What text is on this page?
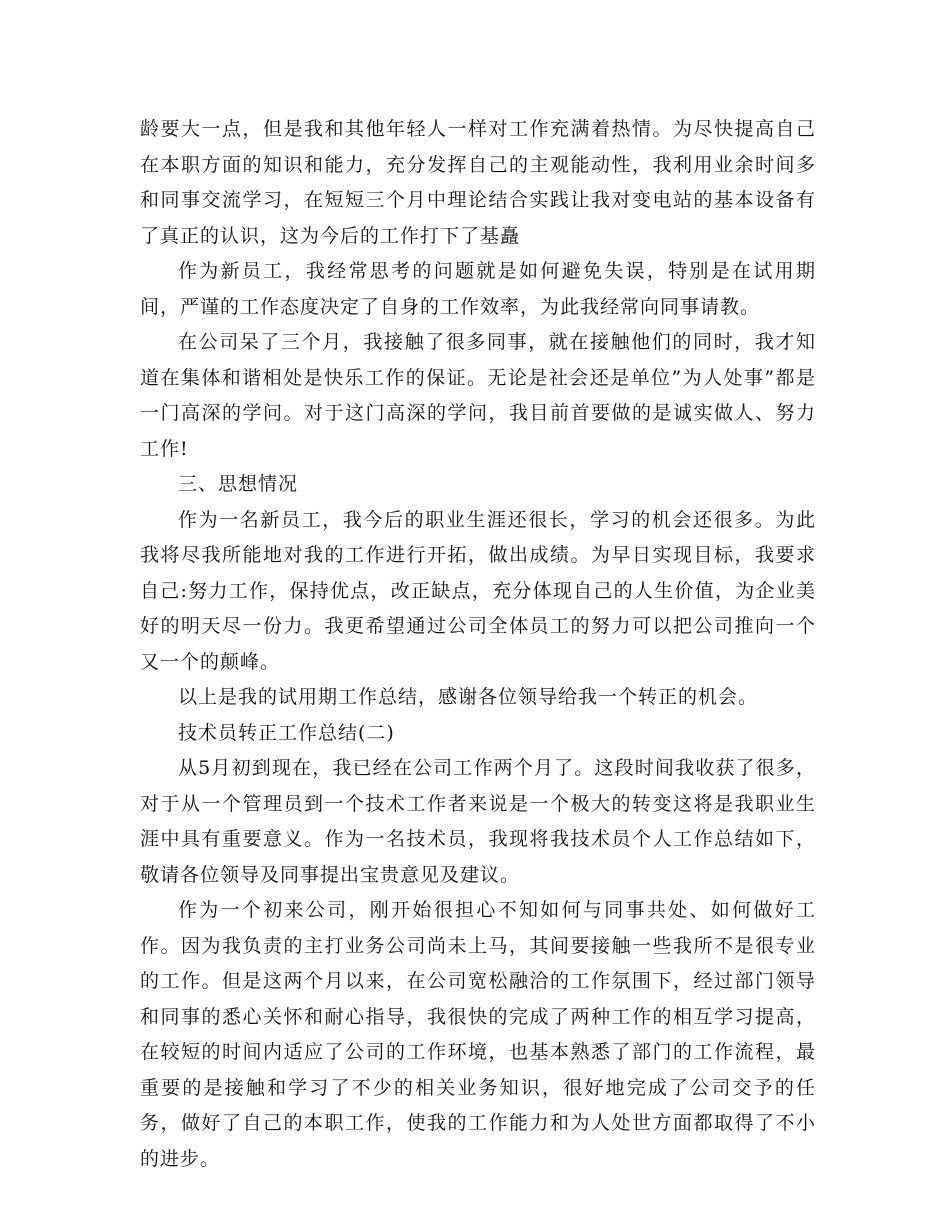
龄要大一点，但是我和其他年轻人一样对工作充满着热情。为尽快提高自己在本职方面的知识和能力，充分发挥自己的主观能动性，我利用业余时间多和同事交流学习，在短短三个月中理论结合实践让我对变电站的基本设备有了真正的认识，这为今后的工作打下了基矗

作为新员工，我经常思考的问题就是如何避免失误，特别是在试用期间，严谨的工作态度决定了自身的工作效率，为此我经常向同事请教。

在公司呆了三个月，我接触了很多同事，就在接触他们的同时，我才知道在集体和谐相处是快乐工作的保证。无论是社会还是单位”为人处事”都是一门高深的学问。对于这门高深的学问，我目前首要做的是诚实做人、努力工作!

三、思想情况

作为一名新员工，我今后的职业生涯还很长，学习的机会还很多。为此我将尽我所能地对我的工作进行开拓，做出成绩。为早日实现目标，我要求自己:努力工作，保持优点，改正缺点，充分体现自己的人生价值，为企业美好的明天尽一份力。我更希望通过公司全体员工的努力可以把公司推向一个又一个的颠峰。

以上是我的试用期工作总结，感谢各位领导给我一个转正的机会。

技术员转正工作总结(二)

从5月初到现在，我已经在公司工作两个月了。这段时间我收获了很多，对于从一个管理员到一个技术工作者来说是一个极大的转变这将是我职业生涯中具有重要意义。作为一名技术员，我现将我技术员个人工作总结如下，敬请各位领导及同事提出宝贵意见及建议。

作为一个初来公司，刚开始很担心不知如何与同事共处、如何做好工作。因为我负责的主打业务公司尚未上马，其间要接触一些我所不是很专业的工作。但是这两个月以来，在公司宽松融洽的工作氛围下，经过部门领导和同事的悉心关怀和耐心指导，我很快的完成了两种工作的相互学习提高，在较短的时间内适应了公司的工作环境，也基本熟悉了部门的工作流程，最重要的是接触和学习了不少的相关业务知识，很好地完成了公司交予的任务，做好了自己的本职工作，使我的工作能力和为人处世方面都取得了不小的进步。
